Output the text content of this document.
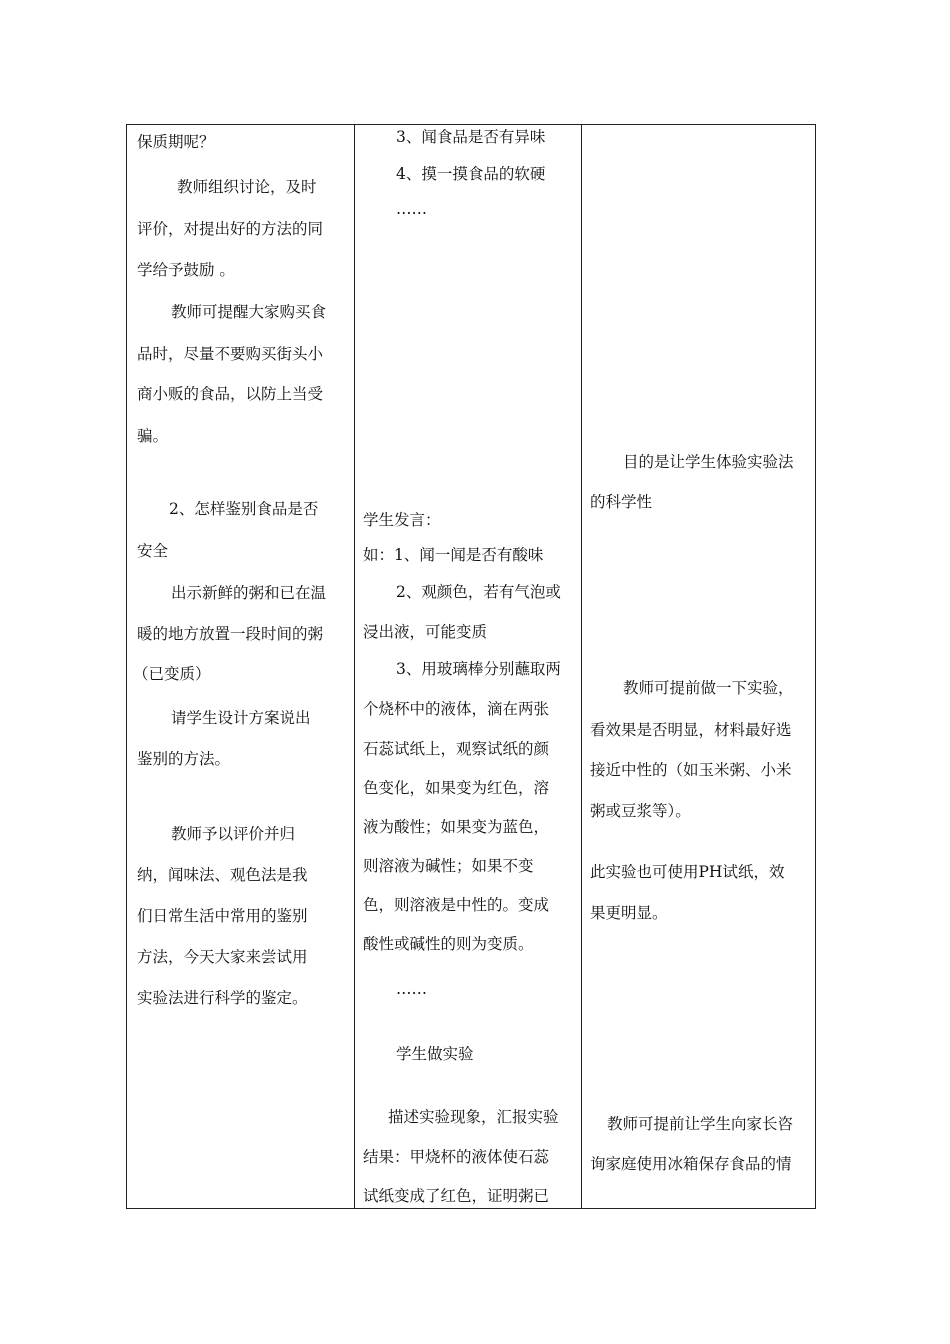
保质期呢？
教师组织讨论，及时
评价，对提出好的方法的同
学给予鼓励 。
教师可提醒大家购买食
品时，尽量不要购买街头小
商小贩的食品，以防上当受
骗。
2、怎样鉴别食品是否
安全
出示新鲜的粥和已在温
暖的地方放置一段时间的粥
（已变质）
请学生设计方案说出
鉴别的方法。
教师予以评价并归
纳，闻味法、观色法是我
们日常生活中常用的鉴别
方法，今天大家来尝试用
实验法进行科学的鉴定。
3、闻食品是否有异味
4、摸一摸食品的软硬
……
学生发言：
如：1、闻一闻是否有酸味
2、观颜色，若有气泡或
浸出液，可能变质
3、用玻璃棒分别蘸取两
个烧杯中的液体，滴在两张
石蕊试纸上，观察试纸的颜
色变化，如果变为红色，溶
液为酸性；如果变为蓝色，
则溶液为碱性；如果不变
色，则溶液是中性的。变成
酸性或碱性的则为变质。
……
学生做实验
描述实验现象，汇报实验
结果：甲烧杯的液体使石蕊
试纸变成了红色，证明粥已
目的是让学生体验实验法
的科学性
教师可提前做一下实验，
看效果是否明显，材料最好选
接近中性的（如玉米粥、小米
粥或豆浆等）。
此实验也可使用PH试纸，效
果更明显。
教师可提前让学生向家长咨
询家庭使用冰箱保存食品的情
